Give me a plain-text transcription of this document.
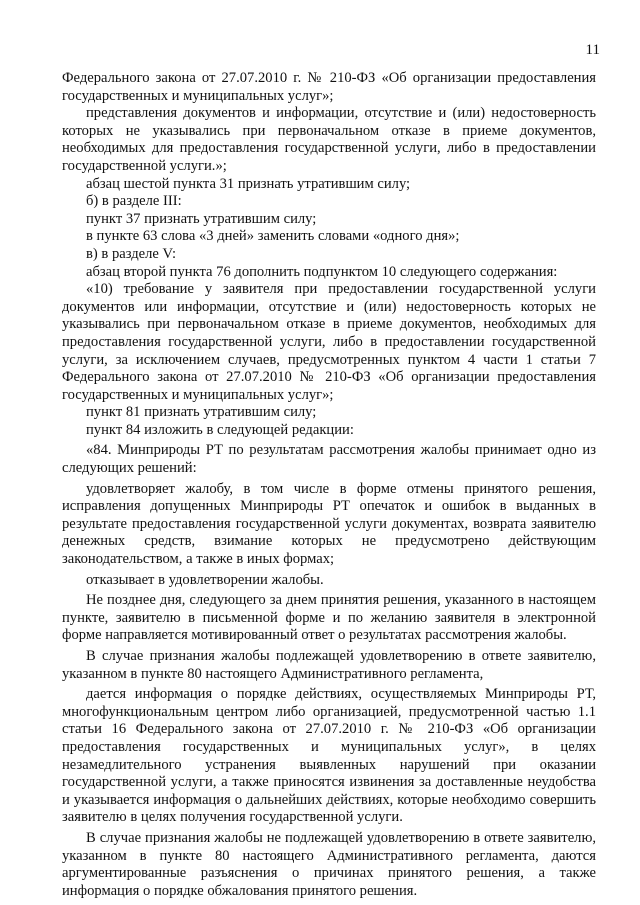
11

Федерального закона от 27.07.2010 г. № 210-ФЗ «Об организации предоставления государственных и муниципальных услуг»;

представления документов и информации, отсутствие и (или) недостоверность которых не указывались при первоначальном отказе в приеме документов, необходимых для предоставления государственной услуги, либо в предоставлении государственной услуги.»;

абзац шестой пункта 31 признать утратившим силу;

б) в разделе III:

пункт 37 признать утратившим силу;

в пункте 63 слова «3 дней» заменить словами «одного дня»;

в) в разделе V:

абзац второй пункта 76 дополнить подпунктом 10 следующего содержания:

«10) требование у заявителя при предоставлении государственной услуги документов или информации, отсутствие и (или) недостоверность которых не указывались при первоначальном отказе в приеме документов, необходимых для предоставления государственной услуги, либо в предоставлении государственной услуги, за исключением случаев, предусмотренных пунктом 4 части 1 статьи 7 Федерального закона от 27.07.2010 № 210-ФЗ «Об организации предоставления государственных и муниципальных услуг»;

пункт 81 признать утратившим силу;

пункт 84 изложить в следующей редакции:

«84. Минприроды РТ по результатам рассмотрения жалобы принимает одно из следующих решений:

удовлетворяет жалобу, в том числе в форме отмены принятого решения, исправления допущенных Минприроды РТ опечаток и ошибок в выданных в результате предоставления государственной услуги документах, возврата заявителю денежных средств, взимание которых не предусмотрено действующим законодательством, а также в иных формах;

отказывает в удовлетворении жалобы.

Не позднее дня, следующего за днем принятия решения, указанного в настоящем пункте, заявителю в письменной форме и по желанию заявителя в электронной форме направляется мотивированный ответ о результатах рассмотрения жалобы.

В случае признания жалобы подлежащей удовлетворению в ответе заявителю, указанном в пункте 80 настоящего Административного регламента,

дается информация о порядке действиях, осуществляемых Минприроды РТ, многофункциональным центром либо организацией, предусмотренной частью 1.1 статьи 16 Федерального закона от 27.07.2010 г. № 210-ФЗ «Об организации предоставления государственных и муниципальных услуг», в целях незамедлительного устранения выявленных нарушений при оказании государственной услуги, а также приносятся извинения за доставленные неудобства и указывается информация о дальнейших действиях, которые необходимо совершить заявителю в целях получения государственной услуги.

В случае признания жалобы не подлежащей удовлетворению в ответе заявителю, указанном в пункте 80 настоящего Административного регламента, даются аргументированные разъяснения о причинах принятого решения, а также информация о порядке обжалования принятого решения.
